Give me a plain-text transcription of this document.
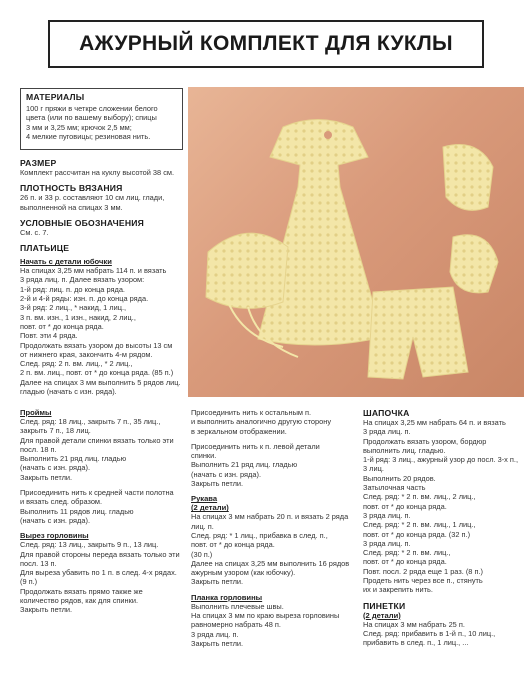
АЖУРНЫЙ КОМПЛЕКТ ДЛЯ КУКЛЫ
МАТЕРИАЛЫ
100 г пряжи в четкре сложении белого
цвета (или по вашему выбору); спицы
3 мм и 3,25 мм; крючок 2,5 мм;
4 мелкие пуговицы; резиновая нить.
РАЗМЕР
Комплект рассчитан на куклу высотой 38 см.
ПЛОТНОСТЬ ВЯЗАНИЯ
26 п. и 33 р. составляют 10 см лиц. глади,
выполненной на спицах 3 мм.
УСЛОВНЫЕ ОБОЗНАЧЕНИЯ
См. с. 7.
ПЛАТЬИЦЕ
Начать с детали юбочки
На спицах 3,25 мм набрать 114 п. и вязать
3 ряда лиц. п. Далее вязать узором:
1-й ряд: лиц. п. до конца ряда.
2-й и 4-й ряды: изн. п. до конца ряда.
3-й ряд: 2 лиц., * накид, 1 лиц.,
3 п. вм. изн., 1 изн., накид, 2 лиц.,
повт. от * до конца ряда.
Повт. эти 4 ряда.
Продолжать вязать узором до высоты 13 см
от нижнего края, закончить 4-м рядом.
След. ряд: 2 п. вм. лиц., * 2 лиц.,
2 п. вм. лиц., повт. от * до конца ряда. (85 п.)
Далее на спицах 3 мм выполнить 5 рядов лиц.
гладью (начать с изн. ряда).
Проймы
След. ряд: 18 лиц., закрыть 7 п., 35 лиц.,
закрыть 7 п., 18 лиц.
Для правой детали спинки вязать только эти
посл. 18 п.
Выполнить 21 ряд лиц. гладью
(начать с изн. ряда).
Закрыть петли.
Присоединить нить к средней части полотна
и вязать след. образом.
Выполнить 11 рядов лиц. гладью
(начать с изн. ряда).
Вырез горловины
След. ряд: 13 лиц., закрыть 9 п., 13 лиц.
Для правой стороны переда вязать только эти
посл. 13 п.
Для выреза убавить по 1 п. в след. 4-х рядах.
(9 п.)
Продолжать вязать прямо также же
количество рядов, как для спинки.
Закрыть петли.
Присоединить нить к остальным п.
и выполнить аналогично другую сторону
в зеркальном отображении.
Присоединить нить к п. левой детали
спинки.
Выполнить 21 ряд лиц. гладью
(начать с изн. ряда).
Закрыть петли.
Рукава
(2 детали)
На спицах 3 мм набрать 20 п. и вязать 2 ряда
лиц. п.
След. ряд: * 1 лиц., прибавка в след. п.,
повт. от * до конца ряда.
(30 п.)
Далее на спицах 3,25 мм выполнить 16 рядов
ажурным узором (как юбочку).
Закрыть петли.
Планка горловины
Выполнить плечевые швы.
На спицах 3 мм по краю выреза горловины
равномерно набрать 48 п.
3 ряда лиц. п.
Закрыть петли.
ШАПОЧКА
На спицах 3,25 мм набрать 64 п. и вязать
3 ряда лиц. п.
Продолжать вязать узором, бордюр
выполнить лиц. гладью.
1-й ряд: 3 лиц., ажурный узор до посл. 3-х п.,
3 лиц.
Выполнить 20 рядов.
Затылочная часть
След. ряд: * 2 п. вм. лиц., 2 лиц.,
повт. от * до конца ряда.
3 ряда лиц. п.
След. ряд: * 2 п. вм. лиц., 1 лиц.,
повт. от * до конца ряда. (32 п.)
3 ряда лиц. п.
След. ряд: * 2 п. вм. лиц.,
повт. от * до конца ряда.
Повт. посл. 2 ряда еще 1 раз. (8 п.)
Продеть нить через все п., стянуть
их и закрепить нить.
ПИНЕТКИ
(2 детали)
На спицах 3 мм набрать 25 п.
След. ряд: прибавить в 1-й п., 10 лиц.,
прибавить в след. п., 1 лиц., ...
